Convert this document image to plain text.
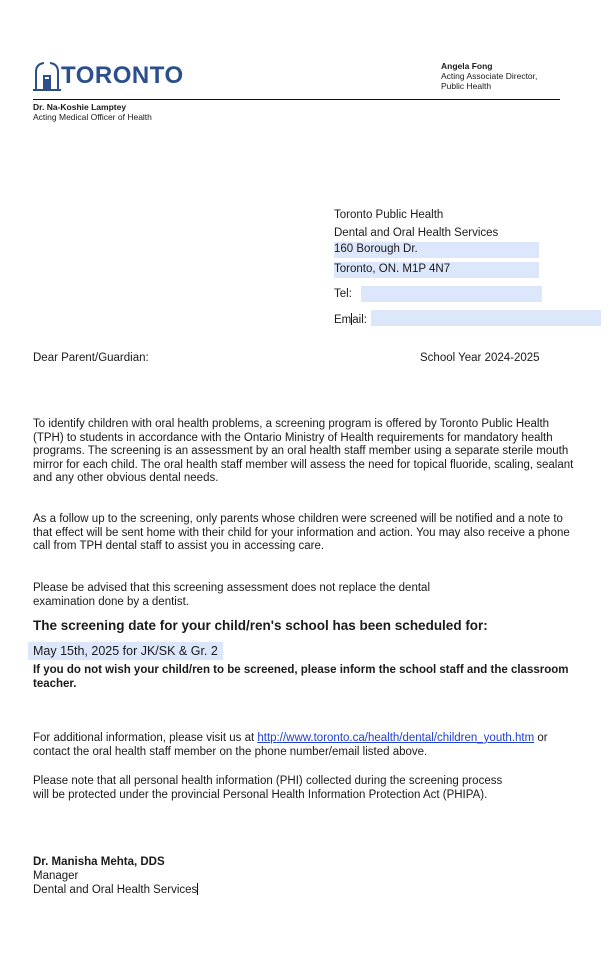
TORONTO	Angela Fong
Acting Associate Director,
Public Health
Dr. Na-Koshie Lamptey
Acting Medical Officer of Health
Toronto Public Health
Dental and Oral Health Services
160 Borough Dr.
Toronto, ON. M1P 4N7
Tel:
Email:
Dear Parent/Guardian:	School Year 2024-2025
To identify children with oral health problems, a screening program is offered by Toronto Public Health (TPH) to students in accordance with the Ontario Ministry of Health requirements for mandatory health programs. The screening is an assessment by an oral health staff member using a separate sterile mouth mirror for each child. The oral health staff member will assess the need for topical fluoride, scaling, sealant and any other obvious dental needs.
As a follow up to the screening, only parents whose children were screened will be notified and a note to that effect will be sent home with their child for your information and action. You may also receive a phone call from TPH dental staff to assist you in accessing care.
Please be advised that this screening assessment does not replace the dental examination done by a dentist.
The screening date for your child/ren's school has been scheduled for:
May 15th, 2025 for JK/SK & Gr. 2
If you do not wish your child/ren to be screened, please inform the school staff and the classroom teacher.
For additional information, please visit us at http://www.toronto.ca/health/dental/children_youth.htm or contact the oral health staff member on the phone number/email listed above.
Please note that all personal health information (PHI) collected during the screening process will be protected under the provincial Personal Health Information Protection Act (PHIPA).
Dr. Manisha Mehta, DDS
Manager
Dental and Oral Health Services
